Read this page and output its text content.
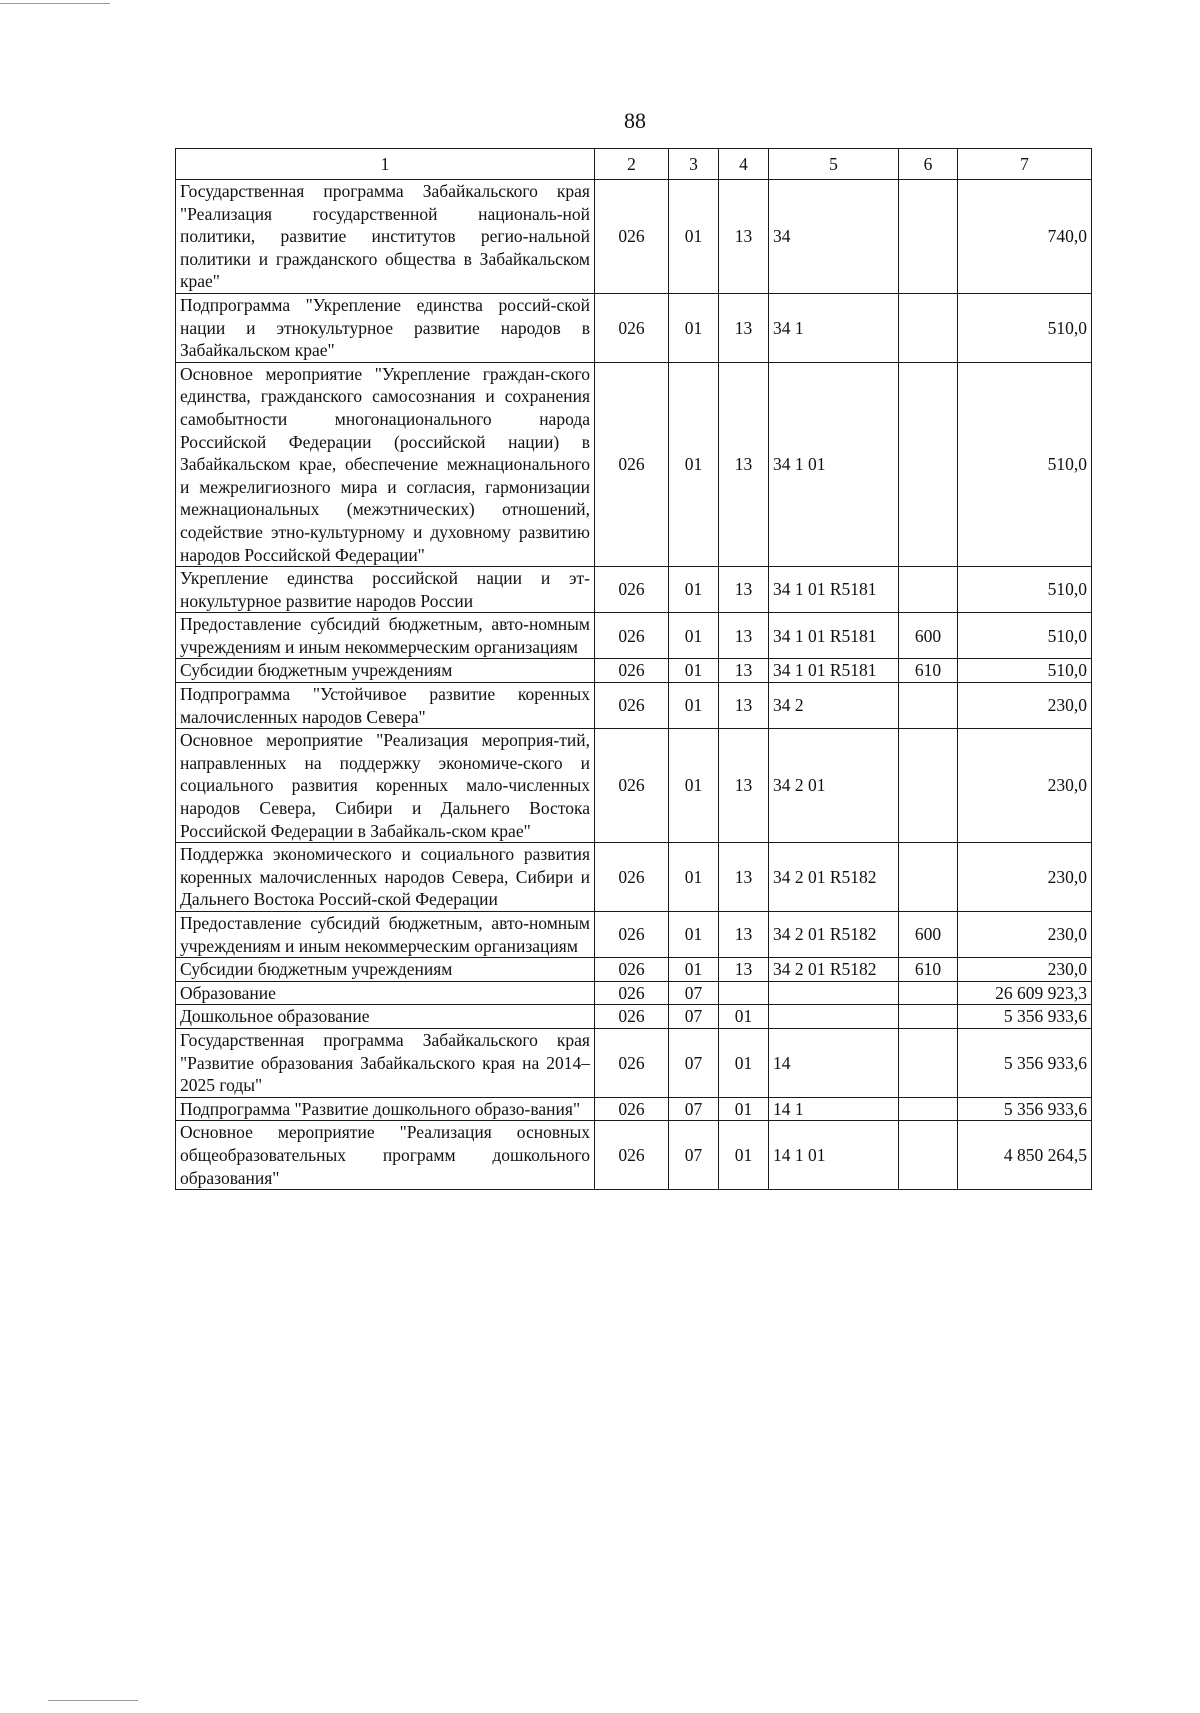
88
1	2	3	4	5	6	7
Государственная программа Забайкальского края "Реализация государственной националь-ной политики, развитие институтов регио-нальной политики и гражданского общества в Забайкальском крае"	026	01	13	34		740,0
Подпрограмма "Укрепление единства россий-ской нации и этнокультурное развитие народов в Забайкальском крае"	026	01	13	34 1		510,0
Основное мероприятие "Укрепление граждан-ского единства, гражданского самосознания и сохранения самобытности многонационального народа Российской Федерации (российской нации) в Забайкальском крае, обеспечение межнационального и межрелигиозного мира и согласия, гармонизации межнациональных (межэтнических) отношений, содействие этно-культурному и духовному развитию народов Российской Федерации"	026	01	13	34 1 01		510,0
Укрепление единства российской нации и эт-нокультурное развитие народов России	026	01	13	34 1 01 R5181		510,0
Предоставление субсидий бюджетным, авто-номным учреждениям и иным некоммерческим организациям	026	01	13	34 1 01 R5181	600	510,0
Субсидии бюджетным учреждениям	026	01	13	34 1 01 R5181	610	510,0
Подпрограмма "Устойчивое развитие коренных малочисленных народов Севера"	026	01	13	34 2		230,0
Основное мероприятие "Реализация мероприя-тий, направленных на поддержку экономиче-ского и социального развития коренных мало-численных народов Севера, Сибири и Дальнего Востока Российской Федерации в Забайкаль-ском крае"	026	01	13	34 2 01		230,0
Поддержка экономического и социального развития коренных малочисленных народов Севера, Сибири и Дальнего Востока Россий-ской Федерации	026	01	13	34 2 01 R5182		230,0
Предоставление субсидий бюджетным, авто-номным учреждениям и иным некоммерческим организациям	026	01	13	34 2 01 R5182	600	230,0
Субсидии бюджетным учреждениям	026	01	13	34 2 01 R5182	610	230,0
Образование	026	07				26 609 923,3
Дошкольное образование	026	07	01			5 356 933,6
Государственная программа Забайкальского края "Развитие образования Забайкальского края на 2014–2025 годы"	026	07	01	14		5 356 933,6
Подпрограмма "Развитие дошкольного образо-вания"	026	07	01	14 1		5 356 933,6
Основное мероприятие "Реализация основных общеобразовательных программ дошкольного образования"	026	07	01	14 1 01		4 850 264,5
